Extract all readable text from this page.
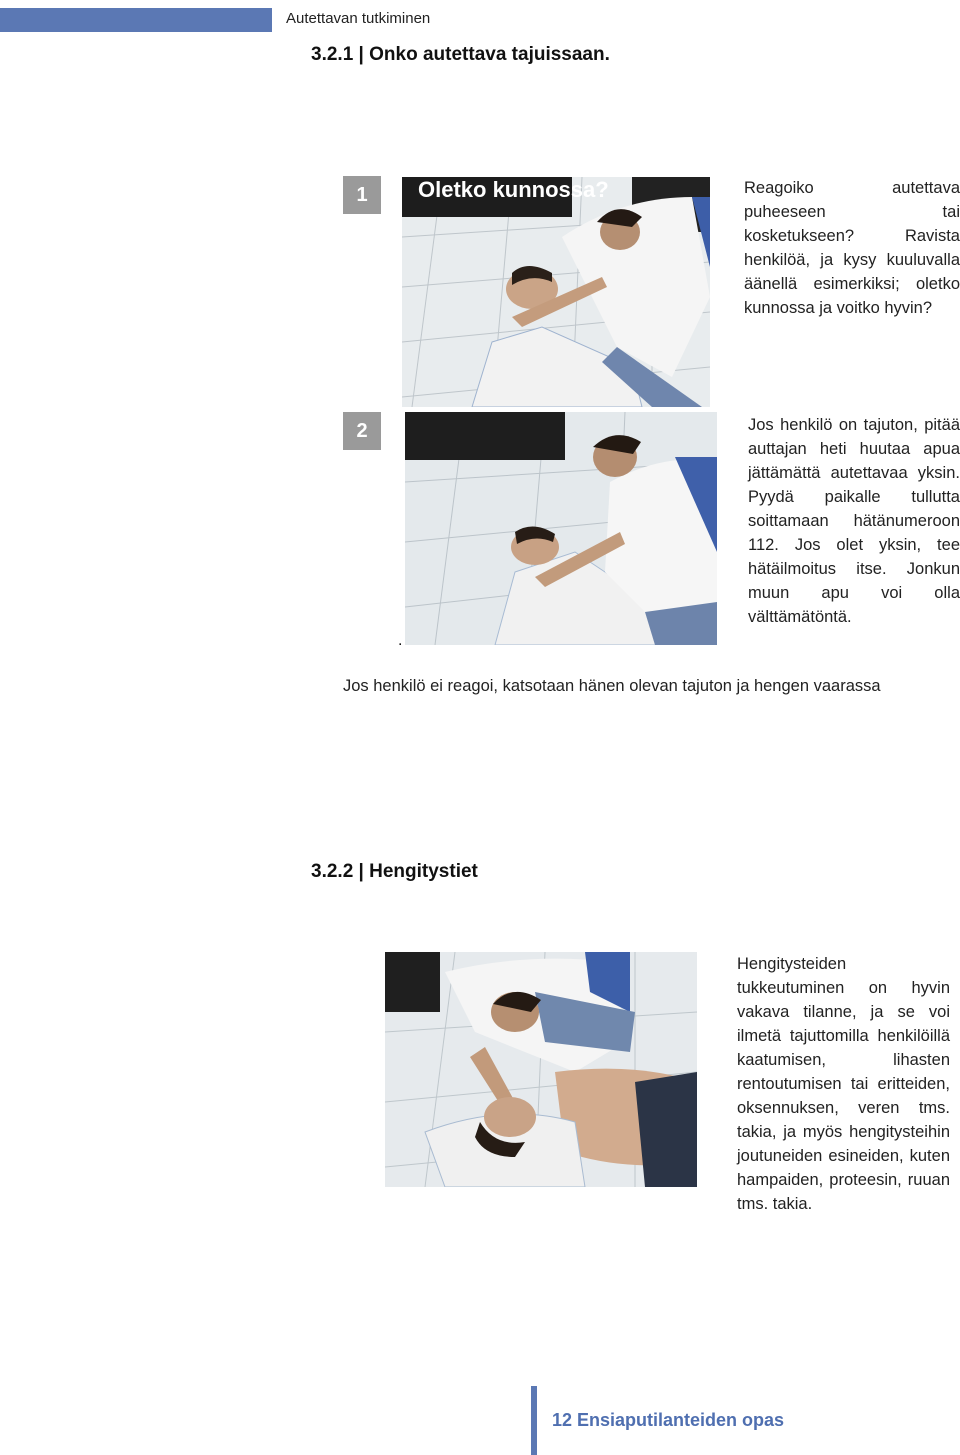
Autettavan tutkiminen
3.2.1 | Onko autettava tajuissaan.
1	Oletko kunnossa?	Reagoiko autettava puheeseen tai kosketukseen? Ravista henkilöä, ja kysy kuuluvalla äänellä esimerkiksi; oletko kunnossa ja voitko hyvin?

2
.

Jos henkilö on tajuton, pitää auttajan heti huutaa apua jättämättä autettavaa yksin. Pyydä paikalle tullutta soittamaan hätänumeroon 112. Jos olet yksin, tee hätäilmoitus itse. Jonkun muun apu voi olla välttämätöntä.

Jos henkilö ei reagoi, katsotaan hänen olevan tajuton ja hengen vaarassa
3.2.2 | Hengitystiet

Hengitysteiden tukkeutuminen on hyvin vakava tilanne, ja se voi ilmetä tajuttomilla henkilöillä kaatumisen, lihasten rentoutumisen tai eritteiden, oksennuksen, veren tms. takia, ja myös hengitysteihin joutuneiden esineiden, kuten hampaiden, proteesin, ruuan tms. takia.

12 Ensiaputilanteiden opas
